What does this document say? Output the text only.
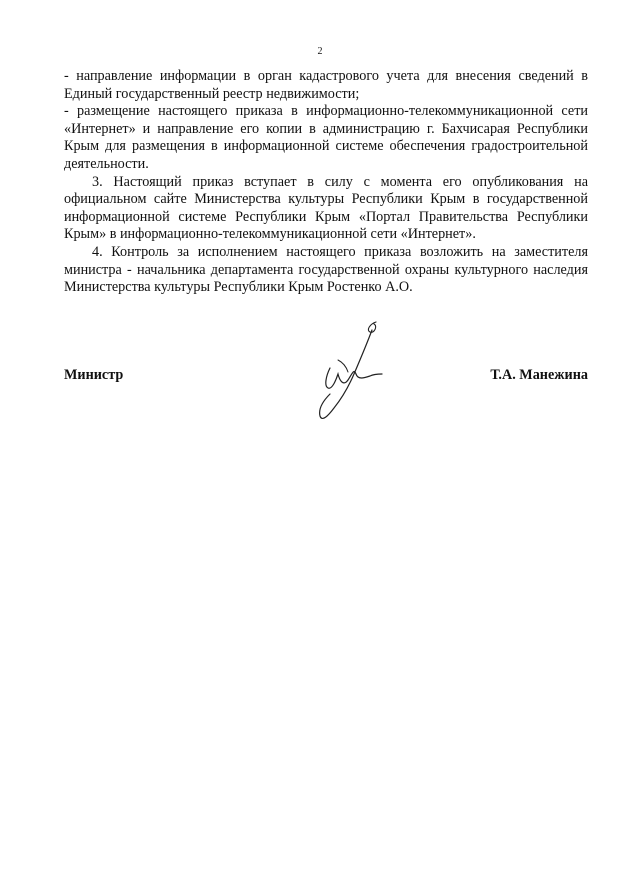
2

- направление информации в орган кадастрового учета для внесения сведений в Единый государственный реестр недвижимости;

- размещение настоящего приказа в информационно-телекоммуникационной сети «Интернет» и направление его копии в администрацию г. Бахчисарая Республики Крым для размещения в информационной системе обеспечения градостроительной деятельности.

3. Настоящий приказ вступает в силу с момента его опубликования на официальном сайте Министерства культуры Республики Крым в государственной информационной системе Республики Крым «Портал Правительства Республики Крым» в информационно-телекоммуникационной сети «Интернет».

4. Контроль за исполнением настоящего приказа возложить на заместителя министра - начальника департамента государственной охраны культурного наследия Министерства культуры Республики Крым Ростенко А.О.

Министр	Т.А. Манежина
